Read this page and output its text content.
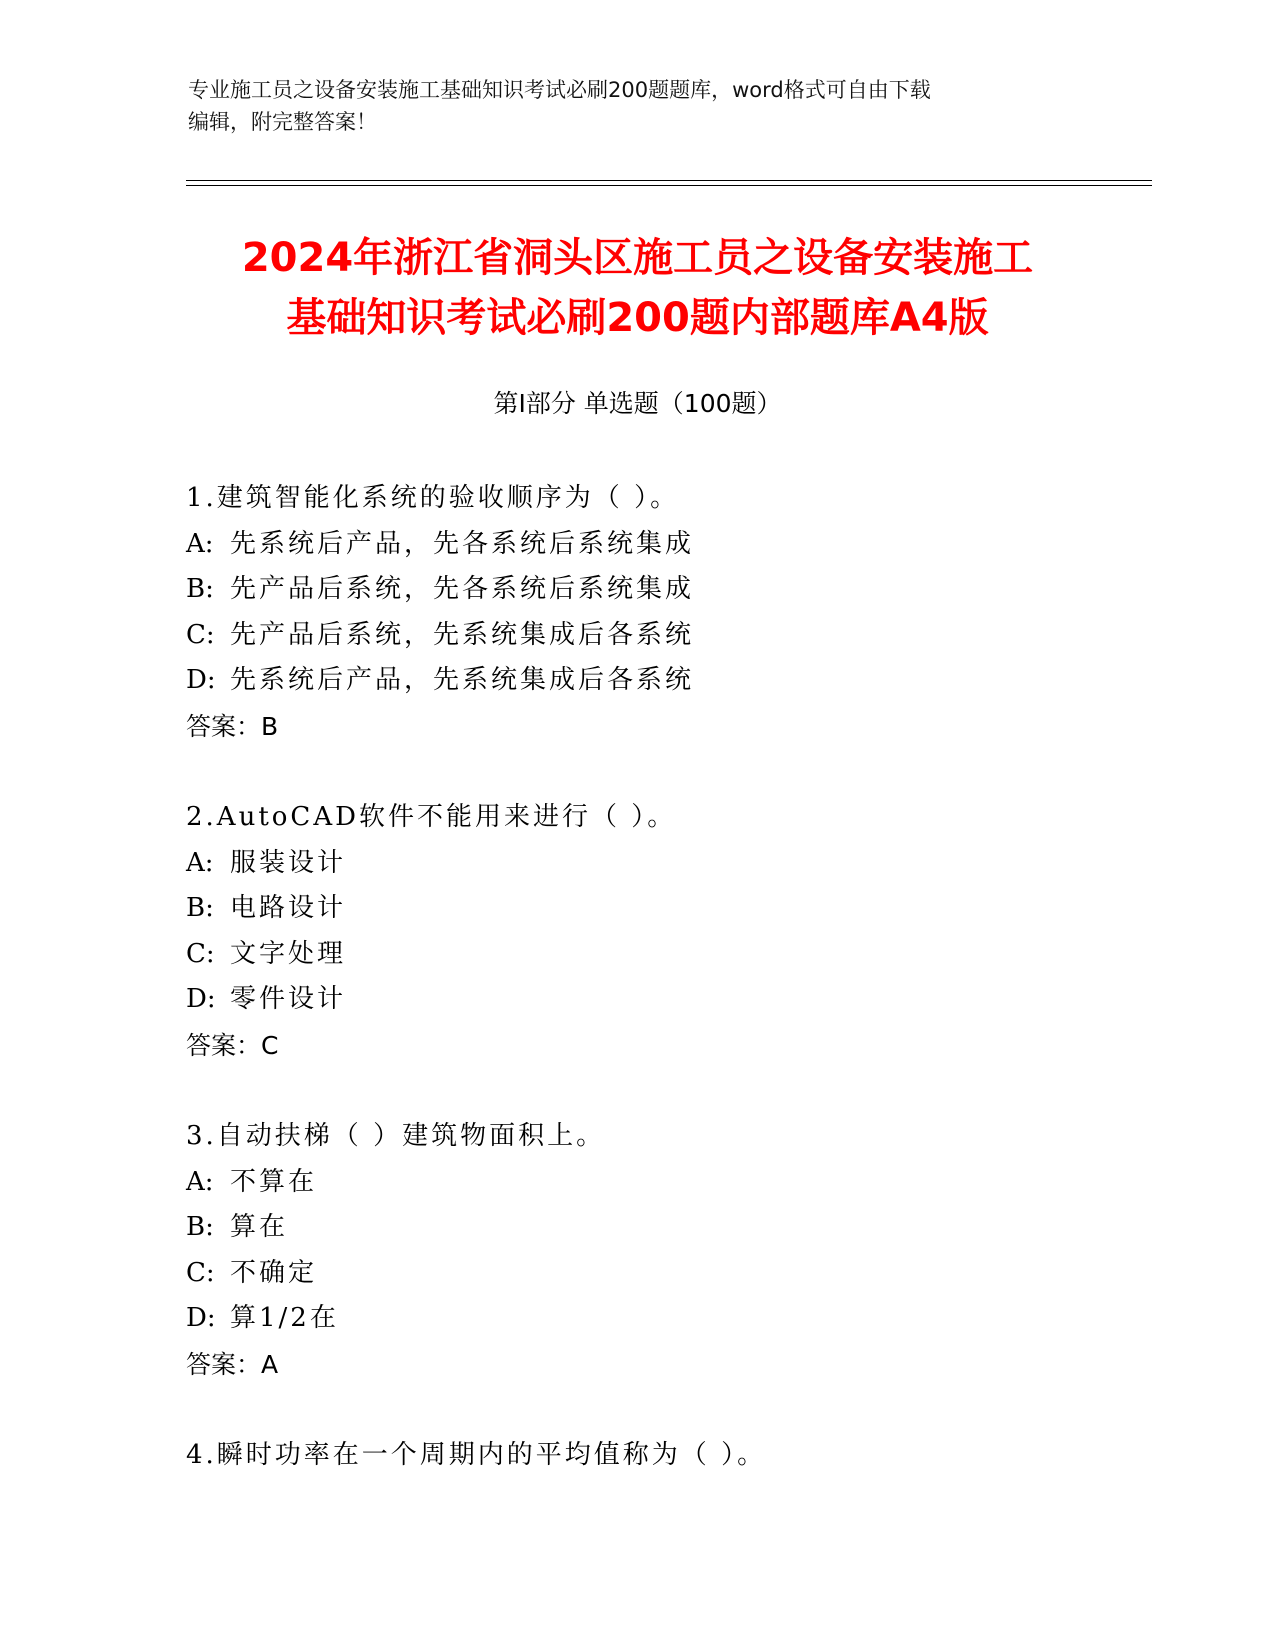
专业施工员之设备安装施工基础知识考试必刷200题题库，word格式可自由下载
编辑，附完整答案！
2024年浙江省洞头区施工员之设备安装施工
基础知识考试必刷200题内部题库A4版
第Ⅰ部分 单选题（100题）
1.建筑智能化系统的验收顺序为（ ）。
A: 先系统后产品，先各系统后系统集成
B: 先产品后系统，先各系统后系统集成
C: 先产品后系统，先系统集成后各系统
D: 先系统后产品，先系统集成后各系统
答案：B
2.AutoCAD软件不能用来进行（ ）。
A: 服装设计
B: 电路设计
C: 文字处理
D: 零件设计
答案：C
3.自动扶梯（ ）建筑物面积上。
A: 不算在
B: 算在
C: 不确定
D: 算1/2在
答案：A
4.瞬时功率在一个周期内的平均值称为（ ）。
